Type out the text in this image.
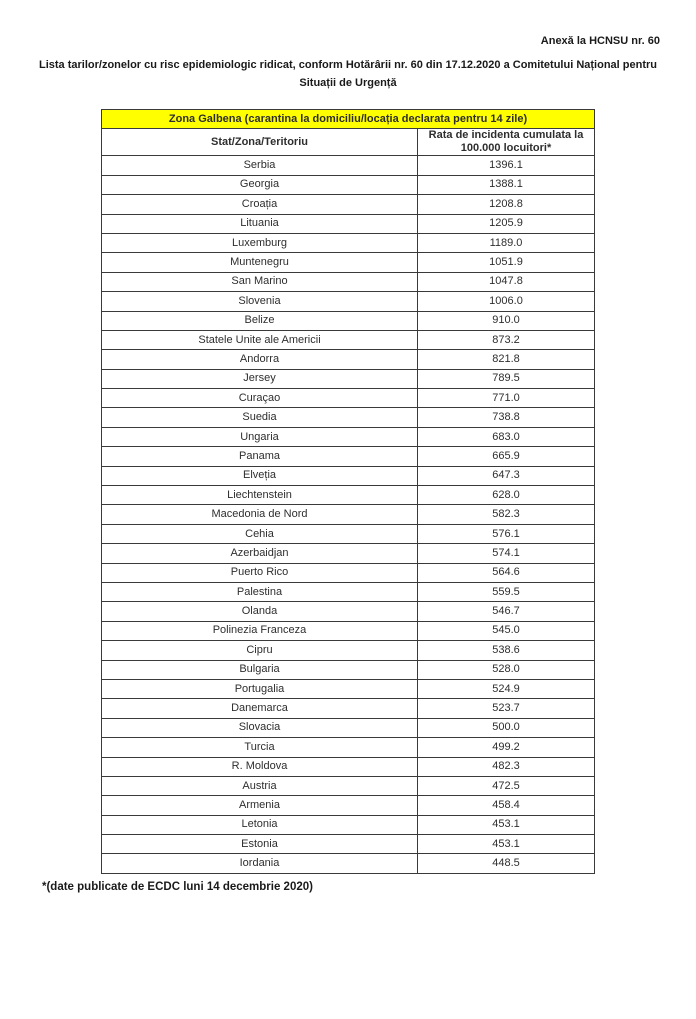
Anexă la HCNSU nr. 60
Lista tarilor/zonelor cu risc epidemiologic ridicat, conform Hotărârii nr. 60 din 17.12.2020 a Comitetului Național pentru Situații de Urgență
Zona Galbena (carantina la domiciliu/locația declarata pentru 14 zile)	
Stat/Zona/Teritoriu	Rata de incidenta cumulata la 100.000 locuitori*
Serbia	1396.1
Georgia	1388.1
Croația	1208.8
Lituania	1205.9
Luxemburg	1189.0
Muntenegru	1051.9
San Marino	1047.8
Slovenia	1006.0
Belize	910.0
Statele Unite ale Americii	873.2
Andorra	821.8
Jersey	789.5
Curaçao	771.0
Suedia	738.8
Ungaria	683.0
Panama	665.9
Elveția	647.3
Liechtenstein	628.0
Macedonia de Nord	582.3
Cehia	576.1
Azerbaidjan	574.1
Puerto Rico	564.6
Palestina	559.5
Olanda	546.7
Polinezia Franceza	545.0
Cipru	538.6
Bulgaria	528.0
Portugalia	524.9
Danemarca	523.7
Slovacia	500.0
Turcia	499.2
R. Moldova	482.3
Austria	472.5
Armenia	458.4
Letonia	453.1
Estonia	453.1
Iordania	448.5
*(date publicate de ECDC luni 14 decembrie 2020)
